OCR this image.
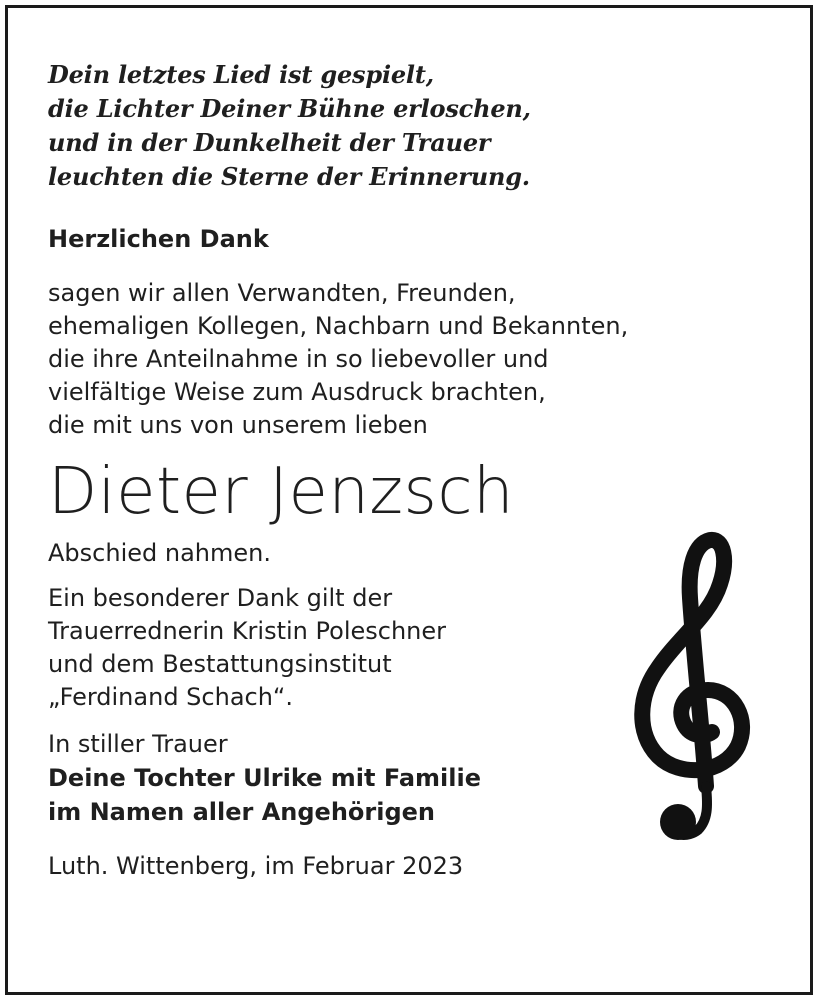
Dein letztes Lied ist gespielt,
die Lichter Deiner Bühne erloschen,
und in der Dunkelheit der Trauer
leuchten die Sterne der Erinnerung.
Herzlichen Dank
sagen wir allen Verwandten, Freunden,
ehemaligen Kollegen, Nachbarn und Bekannten,
die ihre Anteilnahme in so liebevoller und
vielfältige Weise zum Ausdruck brachten,
die mit uns von unserem lieben
Dieter Jenzsch
Abschied nahmen.
Ein besonderer Dank gilt der
Trauerrednerin Kristin Poleschner
und dem Bestattungsinstitut
„Ferdinand Schach“.
In stiller Trauer
Deine Tochter Ulrike mit Familie
im Namen aller Angehörigen
Luth. Wittenberg, im Februar 2023
